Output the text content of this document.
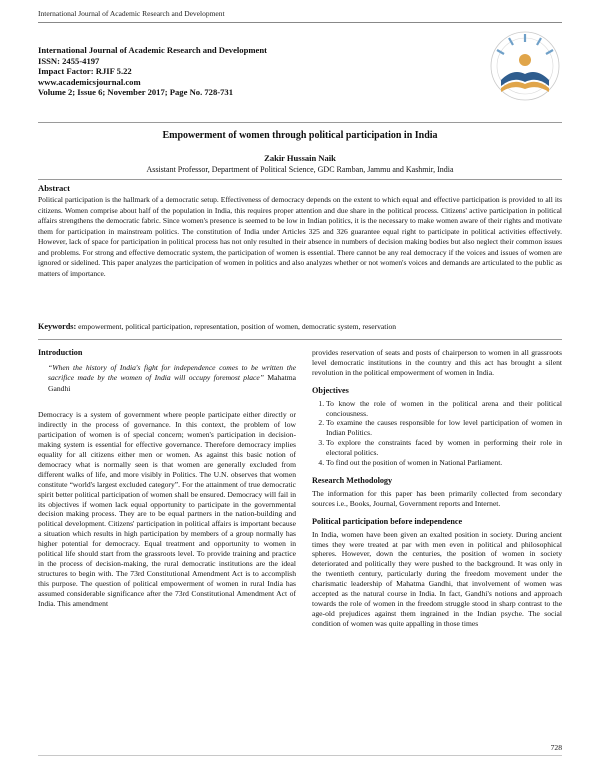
International Journal of Academic Research and Development
International Journal of Academic Research and Development
ISSN: 2455-4197
Impact Factor: RJIF 5.22
www.academicsjournal.com
Volume 2; Issue 6; November 2017; Page No. 728-731
Empowerment of women through political participation in India
Zakir Hussain Naik
Assistant Professor, Department of Political Science, GDC Ramban, Jammu and Kashmir, India
Abstract
Political participation is the hallmark of a democratic setup. Effectiveness of democracy depends on the extent to which equal and effective participation is provided to all its citizens. Women comprise about half of the population in India, this requires proper attention and due share in the political process. Citizens' active participation in political affairs strengthens the democratic fabric. Since women's presence is seemed to be low in Indian politics, it is the necessary to make women aware of their rights and motivate them for participation in mainstream politics. The constitution of India under Articles 325 and 326 guarantee equal right to participate in political activities effectively. However, lack of space for participation in political process has not only resulted in their absence in numbers of decision making bodies but also neglect their common issues and problems. For strong and effective democratic system, the participation of women is essential. There cannot be any real democracy if the voices and issues of women are ignored or sidelined. This paper analyzes the participation of women in politics and also analyzes whether or not women's voices and demands are articulated to the public as matters of importance.
Keywords: empowerment, political participation, representation, position of women, democratic system, reservation
Introduction
“When the history of India's fight for independence comes to be written the sacrifice made by the women of India will occupy foremost place” Mahatma Gandhi

Democracy is a system of government where people participate either directly or indirectly in the process of governance. In this context, the problem of low participation of women is of special concern; women's participation in decision-making system is essential for effective governance. Therefore democracy implies equality for all citizens either men or women. As against this basic notion of democracy what is normally seen is that women are generally excluded from different walks of life, and more visibly in Politics. The U.N. observes that women constitute “world's largest excluded category”. For the attainment of true democratic spirit better political participation of women shall be ensured. Democracy will fail in its objectives if women lack equal opportunity to participate in the governmental decision making process. They are to be equal partners in the nation-building and political development. Citizens' participation in political affairs is important because a situation which results in high participation by members of a group normally has higher potential for democracy. Equal treatment and opportunity to women in political life should start from the grassroots level. To provide training and practice in the process of decision-making, the rural democratic institutions are the ideal structures to begin with. The 73rd Constitutional Amendment Act is to accomplish this purpose. The question of political empowerment of women in rural India has assumed considerable significance after the 73rd Constitutional Amendment Act of India. This amendment

provides reservation of seats and posts of chairperson to women in all grassroots level democratic institutions in the country and this act has brought a silent revolution in the political empowerment of women in India.

Objectives
1. To know the role of women in the political arena and their political conciousness.
2. To examine the causes responsible for low level participation of women in Indian Politics.
3. To explore the constraints faced by women in performing their role in electoral politics.
4. To find out the position of women in National Parliament.
Research Methodology

The information for this paper has been primarily collected from secondary sources i.e., Books, Journal, Government reports and Internet.

Political participation before independence

In India, women have been given an exalted position in society. During ancient times they were treated at par with men even in political and philosophical spheres. However, down the centuries, the position of women in society deteriorated and politically they were pushed to the background. It was only in the twentieth century, particularly during the freedom movement under the charismatic leadership of Mahatma Gandhi, that involvement of women was accepted as the natural course in India. In fact, Gandhi's notions and approach towards the role of women in the freedom struggle stood in sharp contrast to the age-old prejudices against them ingrained in the Indian psyche. The social condition of women was quite appalling in those times

728
